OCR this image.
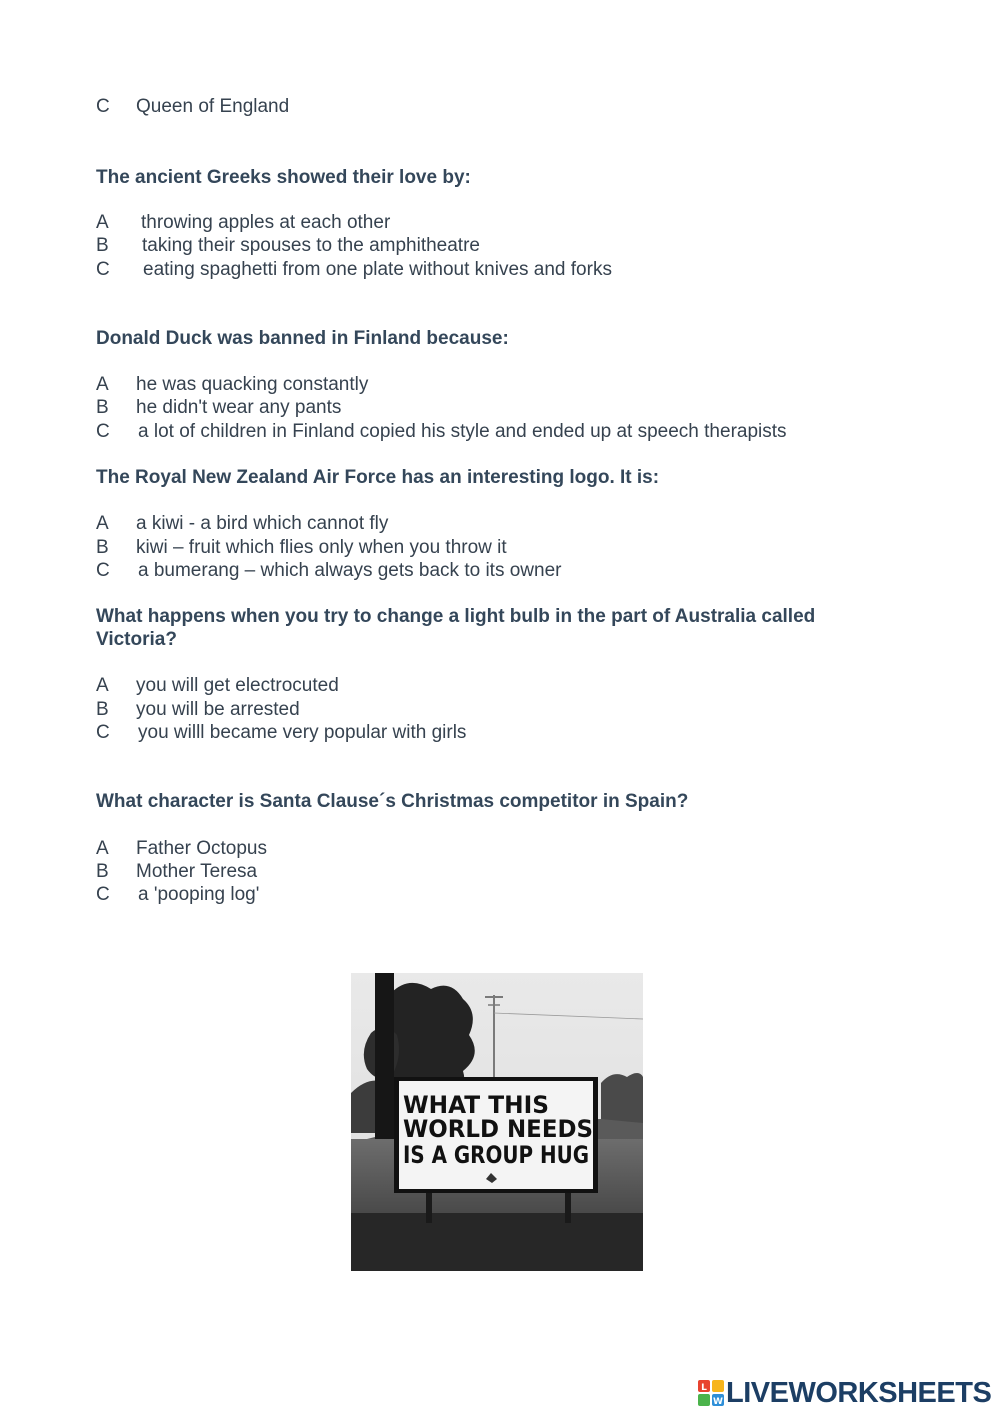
C Queen of England
The ancient Greeks showed their love by:
A throwing apples at each other
B taking their spouses to the amphitheatre
C eating spaghetti from one plate without knives and forks
Donald Duck was banned in Finland because:
A he was quacking constantly
B he didn't wear any pants
C a lot of children in Finland copied his style and ended up at speech therapists
The Royal New Zealand Air Force has an interesting logo. It is:
A a kiwi - a bird which cannot fly
B kiwi – fruit which flies only when you throw it
C a bumerang – which always gets back to its owner
What happens when you try to change a light bulb in the part of Australia called
Victoria?
A you will get electrocuted
B you will be arrested
C you willl became very popular with girls
What character is Santa Clause´s Christmas competitor in Spain?
A Father Octopus
B Mother Teresa
C a 'pooping log'
WHAT THIS
WORLD NEEDS
IS A GROUP HUG
L
W LIVEWORKSHEETS
